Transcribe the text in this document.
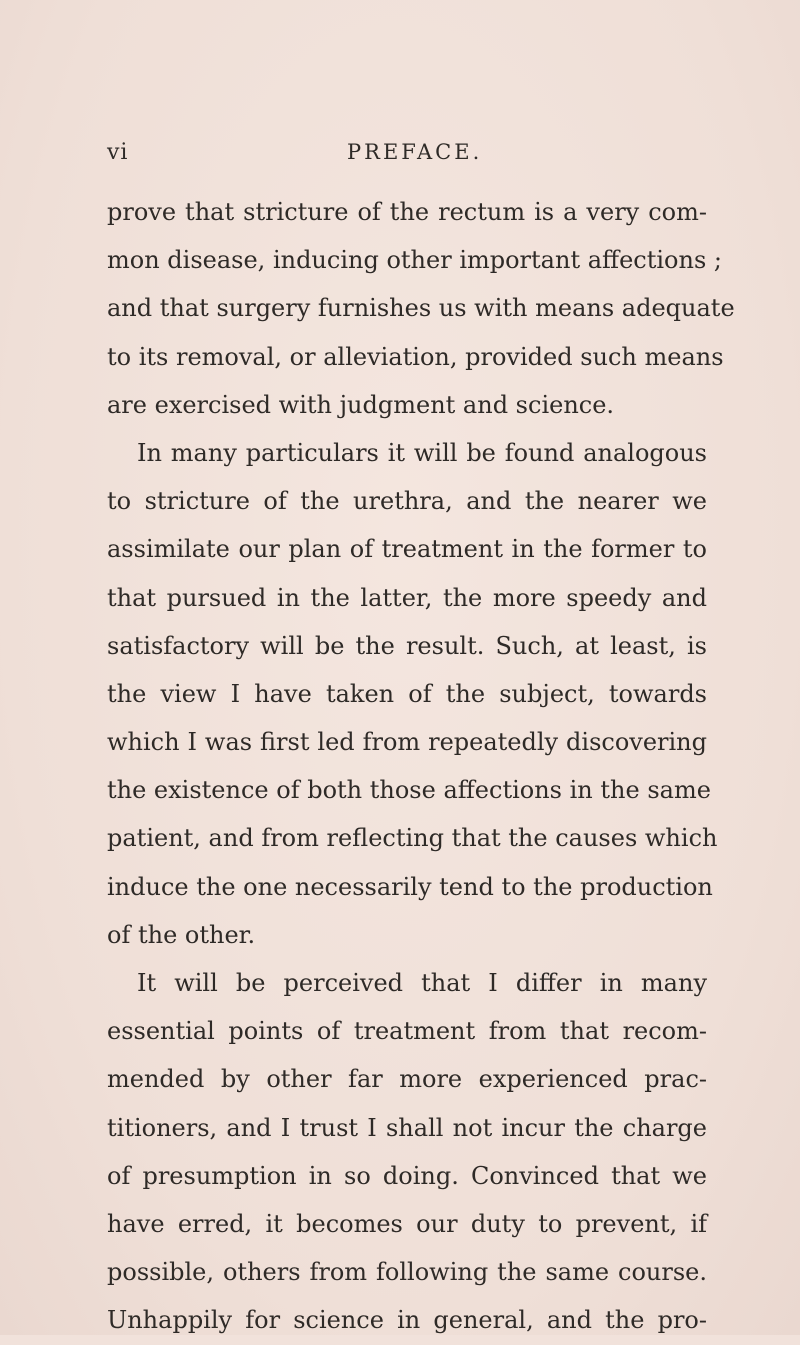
vi	PREFACE.
prove that stricture of the rectum is a very com-
mon disease, inducing other important affections ;
and that surgery furnishes us with means adequate
to its removal, or alleviation, provided such means
are exercised with judgment and science.
In many particulars it will be found analogous
to stricture of the urethra, and the nearer we
assimilate our plan of treatment in the former to
that pursued in the latter, the more speedy and
satisfactory will be the result. Such, at least, is
the view I have taken of the subject, towards
which I was first led from repeatedly discovering
the existence of both those affections in the same
patient, and from reflecting that the causes which
induce the one necessarily tend to the production
of the other.
It will be perceived that I differ in many
essential points of treatment from that recom-
mended by other far more experienced prac-
titioners, and I trust I shall not incur the charge
of presumption in so doing. Convinced that we
have erred, it becomes our duty to prevent, if
possible, others from following the same course.
Unhappily for science in general, and the pro-
